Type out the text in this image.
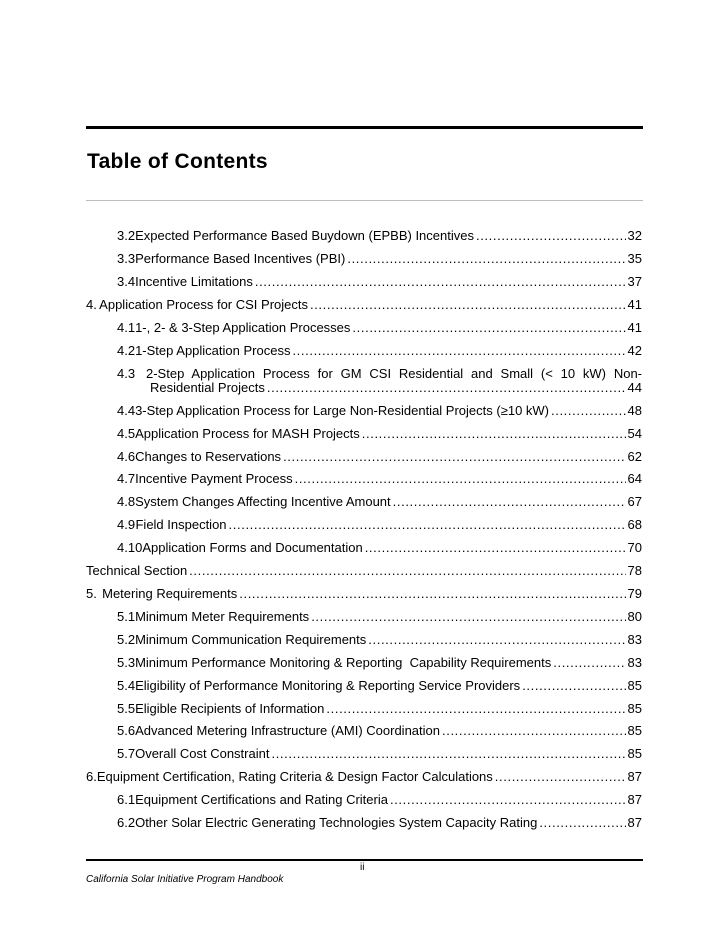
Table of Contents
3.2 Expected Performance Based Buydown (EPBB) Incentives . . .	32
3.3 Performance Based Incentives (PBI) . . .	35
3.4 Incentive Limitations . . .	37
4. Application Process for CSI Projects . . .	41
4.1 1-, 2- & 3-Step Application Processes . . .	41
4.2 1-Step Application Process . . .	42
4.3 2-Step Application Process for GM CSI Residential and Small (< 10 kW) Non-
Residential Projects . . .	44
4.4 3-Step Application Process for Large Non-Residential Projects (≥10 kW) . . .	48
4.5 Application Process for MASH Projects . . .	54
4.6 Changes to Reservations . . .	62
4.7 Incentive Payment Process . . .	64
4.8 System Changes Affecting Incentive Amount . . .	67
4.9 Field Inspection . . .	68
4.10 Application Forms and Documentation . . .	70
Technical Section . . .	78
5. Metering Requirements . . .	79
5.1 Minimum Meter Requirements . . .	80
5.2 Minimum Communication Requirements . . .	83
5.3 Minimum Performance Monitoring & Reporting  Capability Requirements . . .	83
5.4 Eligibility of Performance Monitoring & Reporting Service Providers . . .	85
5.5 Eligible Recipients of Information . . .	85
5.6 Advanced Metering Infrastructure (AMI) Coordination . . .	85
5.7 Overall Cost Constraint . . .	85
6. Equipment Certification, Rating Criteria & Design Factor Calculations . . .	87
6.1 Equipment Certifications and Rating Criteria . . .	87
6.2 Other Solar Electric Generating Technologies System Capacity Rating . . .	87
ii
California Solar Initiative Program Handbook
